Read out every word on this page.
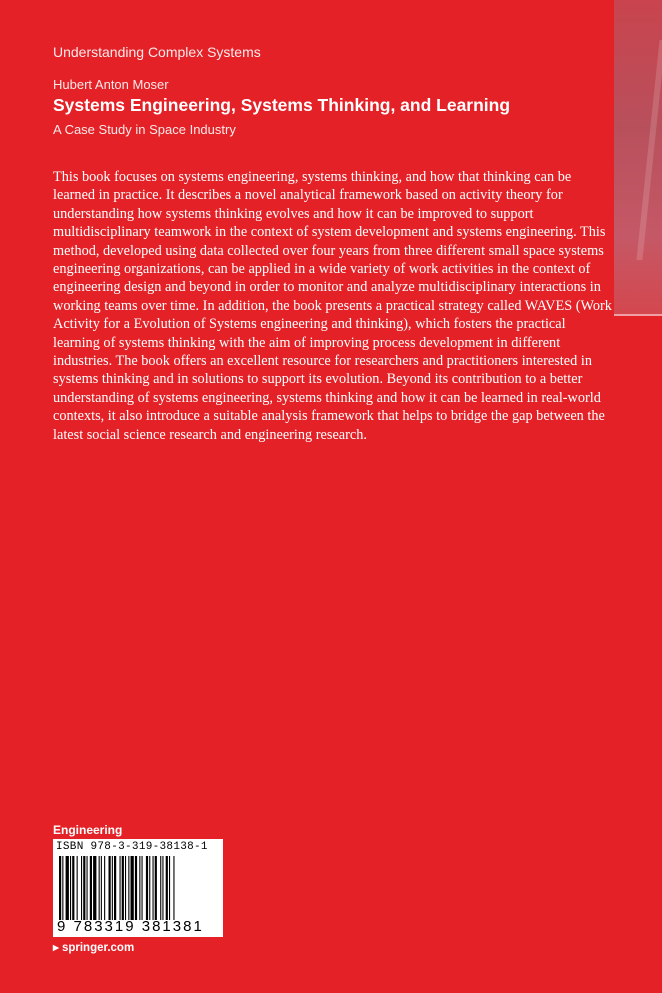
Understanding Complex Systems
Hubert Anton Moser
Systems Engineering, Systems Thinking, and Learning
A Case Study in Space Industry
This book focuses on systems engineering, systems thinking, and how that thinking can be learned in practice. It describes a novel analytical framework based on activity theory for understanding how systems thinking evolves and how it can be improved to support multidisciplinary teamwork in the context of system development and systems engineering. This method, developed using data collected over four years from three different small space systems engineering organizations, can be applied in a wide variety of work activities in the context of engineering design and beyond in order to monitor and analyze multidisciplinary interactions in working teams over time. In addition, the book presents a practical strategy called WAVES (Work Activity for a Evolution of Systems engineering and thinking), which fosters the practical learning of systems thinking with the aim of improving process development in different industries. The book offers an excellent resource for researchers and practitioners interested in systems thinking and in solutions to support its evolution. Beyond its contribution to a better understanding of systems engineering, systems thinking and how it can be learned in real-world contexts, it also introduce a suitable analysis framework that helps to bridge the gap between the latest social science research and engineering research.
Engineering
ISBN 978-3-319-38138-1
9 783319 381381
▸ springer.com
